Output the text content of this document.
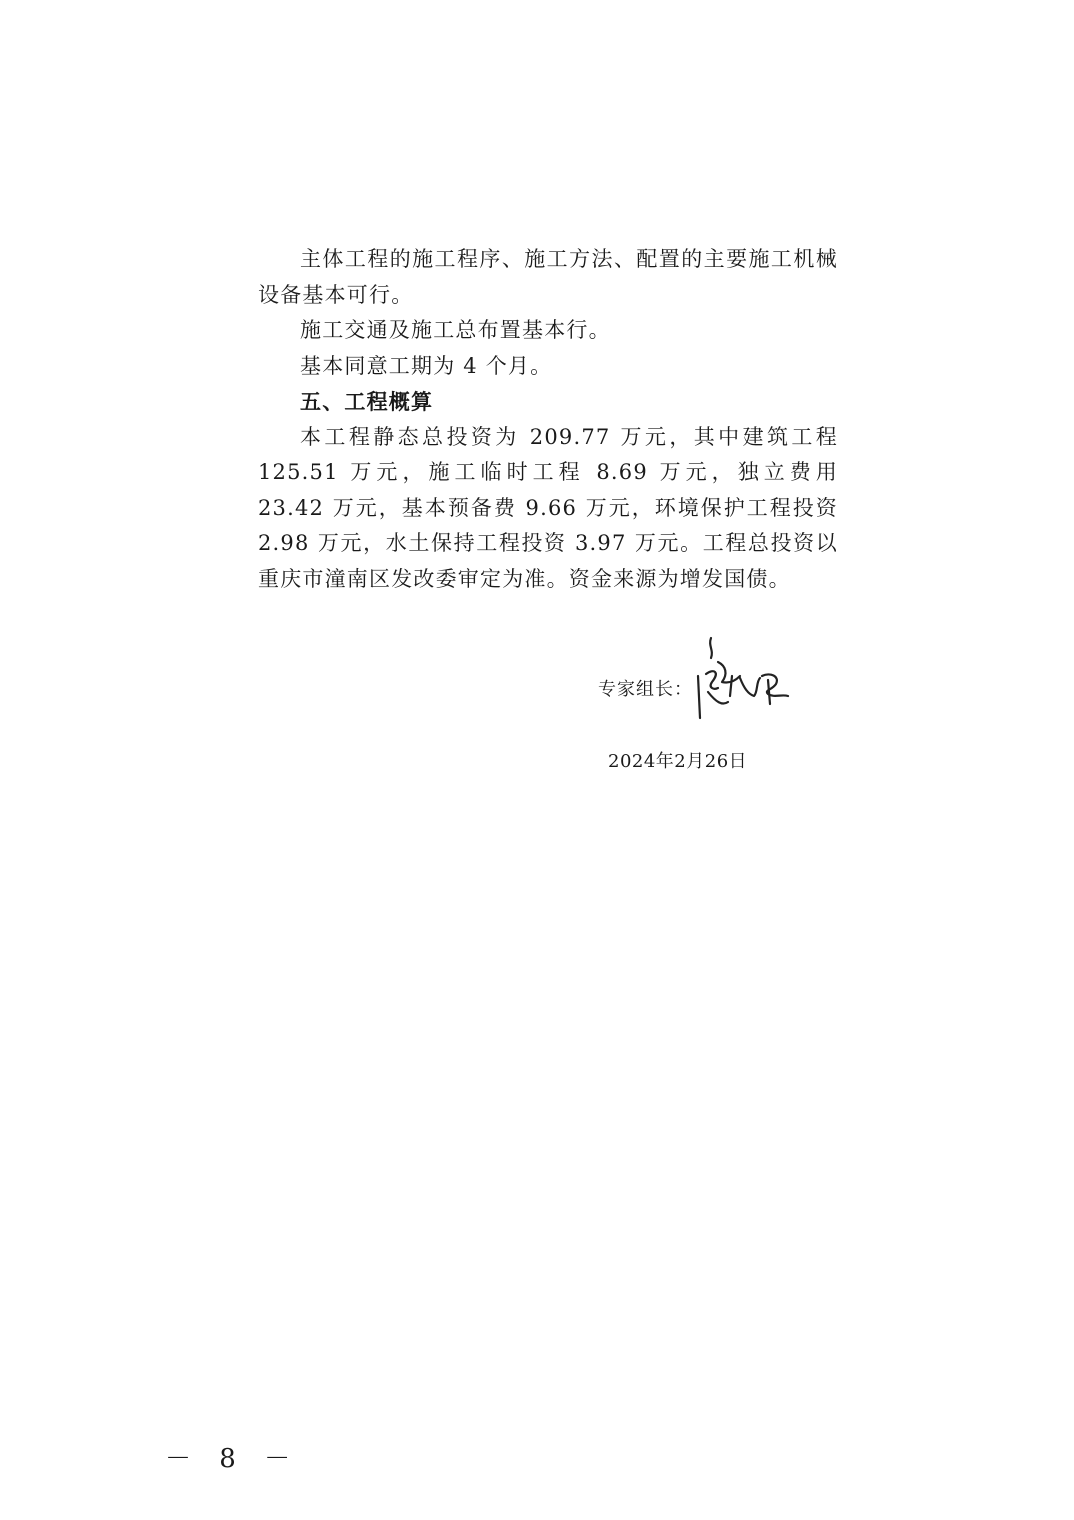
主体工程的施工程序、施工方法、配置的主要施工机械设备基本可行。

施工交通及施工总布置基本行。

基本同意工期为 4 个月。

五、工程概算

本工程静态总投资为 209.77 万元，其中建筑工程 125.51 万元，施工临时工程 8.69 万元，独立费用 23.42 万元，基本预备费 9.66 万元，环境保护工程投资 2.98 万元，水土保持工程投资 3.97 万元。工程总投资以重庆市潼南区发改委审定为准。资金来源为增发国债。

专家组长：
2024年2月26日
－ 8 －
